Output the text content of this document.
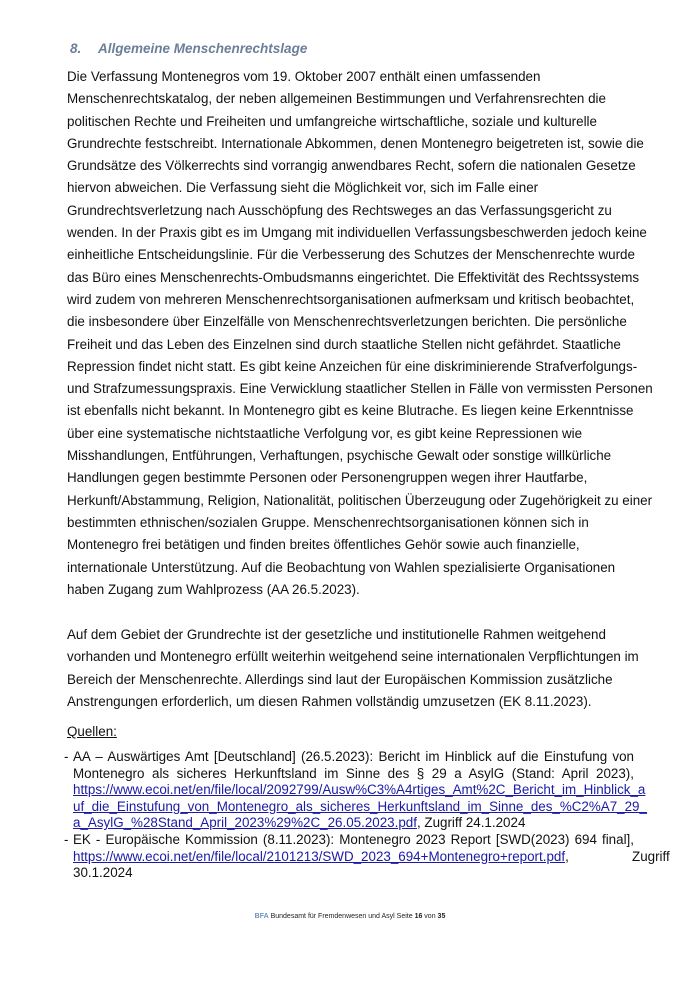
8. Allgemeine Menschenrechtslage
Die Verfassung Montenegros vom 19. Oktober 2007 enthält einen umfassenden
Menschenrechtskatalog, der neben allgemeinen Bestimmungen und Verfahrensrechten die
politischen Rechte und Freiheiten und umfangreiche wirtschaftliche, soziale und kulturelle
Grundrechte festschreibt. Internationale Abkommen, denen Montenegro beigetreten ist, sowie die
Grundsätze des Völkerrechts sind vorrangig anwendbares Recht, sofern die nationalen Gesetze
hiervon abweichen. Die Verfassung sieht die Möglichkeit vor, sich im Falle einer
Grundrechtsverletzung nach Ausschöpfung des Rechtsweges an das Verfassungsgericht zu
wenden. In der Praxis gibt es im Umgang mit individuellen Verfassungsbeschwerden jedoch keine
einheitliche Entscheidungslinie. Für die Verbesserung des Schutzes der Menschenrechte wurde
das Büro eines Menschenrechts-Ombudsmanns eingerichtet. Die Effektivität des Rechtssystems
wird zudem von mehreren Menschenrechtsorganisationen aufmerksam und kritisch beobachtet,
die insbesondere über Einzelfälle von Menschenrechtsverletzungen berichten. Die persönliche
Freiheit und das Leben des Einzelnen sind durch staatliche Stellen nicht gefährdet. Staatliche
Repression findet nicht statt. Es gibt keine Anzeichen für eine diskriminierende Strafverfolgungs-
und Strafzumessungspraxis. Eine Verwicklung staatlicher Stellen in Fälle von vermissten Personen
ist ebenfalls nicht bekannt. In Montenegro gibt es keine Blutrache. Es liegen keine Erkenntnisse
über eine systematische nichtstaatliche Verfolgung vor, es gibt keine Repressionen wie
Misshandlungen, Entführungen, Verhaftungen, psychische Gewalt oder sonstige willkürliche
Handlungen gegen bestimmte Personen oder Personengruppen wegen ihrer Hautfarbe,
Herkunft/Abstammung, Religion, Nationalität, politischen Überzeugung oder Zugehörigkeit zu einer
bestimmten ethnischen/sozialen Gruppe. Menschenrechtsorganisationen können sich in
Montenegro frei betätigen und finden breites öffentliches Gehör sowie auch finanzielle,
internationale Unterstützung. Auf die Beobachtung von Wahlen spezialisierte Organisationen
haben Zugang zum Wahlprozess (AA 26.5.2023).
Auf dem Gebiet der Grundrechte ist der gesetzliche und institutionelle Rahmen weitgehend
vorhanden und Montenegro erfüllt weiterhin weitgehend seine internationalen Verpflichtungen im
Bereich der Menschenrechte. Allerdings sind laut der Europäischen Kommission zusätzliche
Anstrengungen erforderlich, um diesen Rahmen vollständig umzusetzen (EK 8.11.2023).
Quellen:
- AA – Auswärtiges Amt [Deutschland] (26.5.2023): Bericht im Hinblick auf die Einstufung von
Montenegro als sicheres Herkunftsland im Sinne des § 29 a AsylG (Stand: April 2023),
https://www.ecoi.net/en/file/local/2092799/Ausw%C3%A4rtiges_Amt%2C_Bericht_im_Hinblick_a
uf_die_Einstufung_von_Montenegro_als_sicheres_Herkunftsland_im_Sinne_des_%C2%A7_29_
a_AsylG_%28Stand_April_2023%29%2C_26.05.2023.pdf, Zugriff 24.1.2024
- EK - Europäische Kommission (8.11.2023): Montenegro 2023 Report [SWD(2023) 694 final],
https://www.ecoi.net/en/file/local/2101213/SWD_2023_694+Montenegro+report.pdf,                 Zugriff
30.1.2024
BFA Bundesamt für Fremdenwesen und Asyl Seite 16 von 35
